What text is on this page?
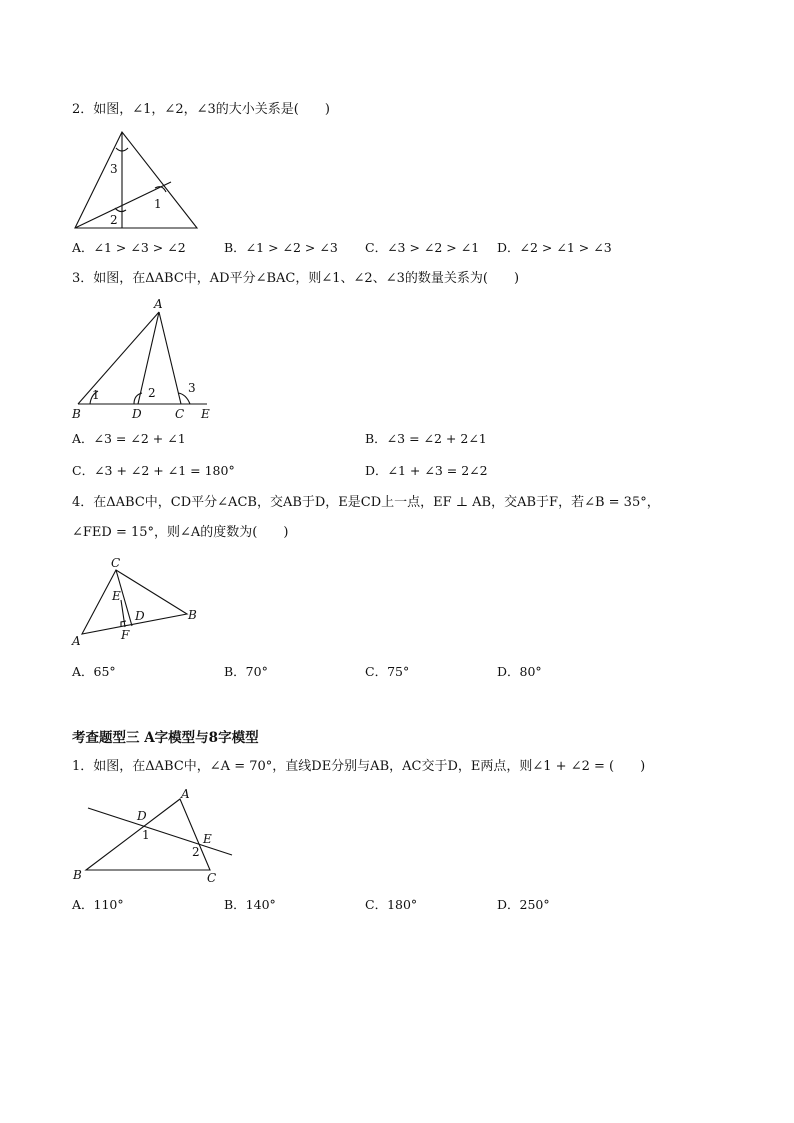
2．如图，∠1，∠2，∠3的大小关系是(　　)
3
1
2
A．∠1 > ∠3 > ∠2	B．∠1 > ∠2 > ∠3 C．∠3 > ∠2 > ∠1 D．∠2 > ∠1 > ∠3
3．如图，在ΔABC中，AD平分∠BAC，则∠1、∠2、∠3的数量关系为(　　)
A
1	2	3
B	D	C E
A．∠3 = ∠2 + ∠1	B．∠3 = ∠2 + 2∠1
C．∠3 + ∠2 + ∠1 = 180°	D．∠1 + ∠3 = 2∠2
4．在ΔABC中，CD平分∠ACB，交AB于D，E是CD上一点，EF ⊥ AB，交AB于F，若∠B = 35°，
∠FED = 15°，则∠A的度数为(　　)
C
E
D	B
F
A
A．65°	B．70°	C．75°	D．80°
考查题型三 A字模型与8字模型
1．如图，在ΔABC中，∠A = 70°，直线DE分别与AB，AC交于D，E两点，则∠1 + ∠2 = (　　)
A
D
1	E
2
B	C
A．110°	B．140°	C．180°	D．250°
